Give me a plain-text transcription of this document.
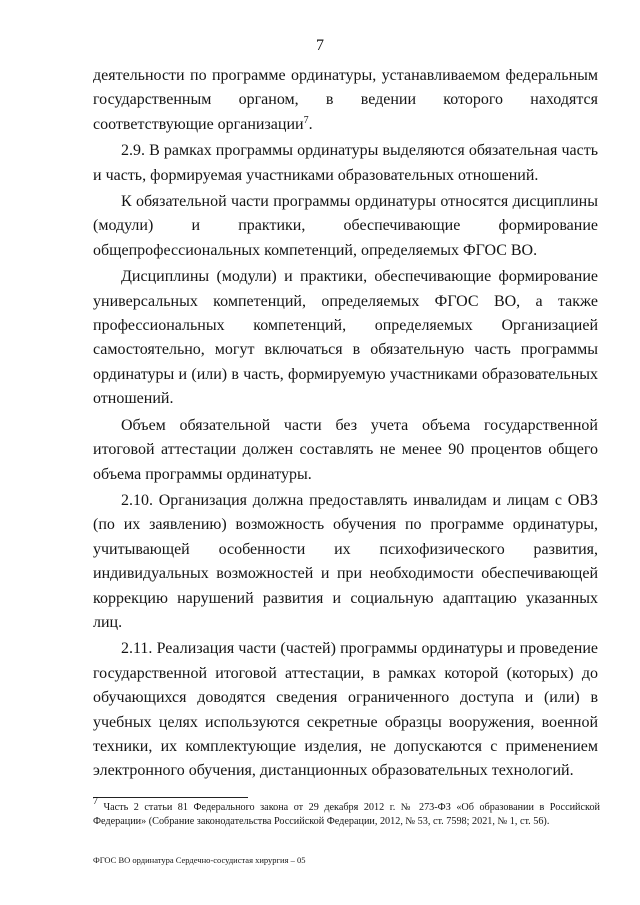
7

деятельности по программе ординатуры, устанавливаемом федеральным государственным органом, в ведении которого находятся соответствующие организации$^7$.

2.9. В рамках программы ординатуры выделяются обязательная часть и часть, формируемая участниками образовательных отношений.

К обязательной части программы ординатуры относятся дисциплины (модули) и практики, обеспечивающие формирование общепрофессиональных компетенций, определяемых ФГОС ВО.

Дисциплины (модули) и практики, обеспечивающие формирование универсальных компетенций, определяемых ФГОС ВО, а также профессиональных компетенций, определяемых Организацией самостоятельно, могут включаться в обязательную часть программы ординатуры и (или) в часть, формируемую участниками образовательных отношений.

Объем обязательной части без учета объема государственной итоговой аттестации должен составлять не менее 90 процентов общего объема программы ординатуры.

2.10. Организация должна предоставлять инвалидам и лицам с ОВЗ (по их заявлению) возможность обучения по программе ординатуры, учитывающей особенности их психофизического развития, индивидуальных возможностей и при необходимости обеспечивающей коррекцию нарушений развития и социальную адаптацию указанных лиц.

2.11. Реализация части (частей) программы ординатуры и проведение государственной итоговой аттестации, в рамках которой (которых) до обучающихся доводятся сведения ограниченного доступа и (или) в учебных целях используются секретные образцы вооружения, военной техники, их комплектующие изделия, не допускаются с применением электронного обучения, дистанционных образовательных технологий.

$^7$ Часть 2 статьи 81 Федерального закона от 29 декабря 2012 г. № 273-ФЗ «Об образовании в Российской Федерации» (Собрание законодательства Российской Федерации, 2012, № 53, ст. 7598; 2021, № 1, ст. 56).
ФГОС ВО ординатура Сердечно-сосудистая хирургия – 05
